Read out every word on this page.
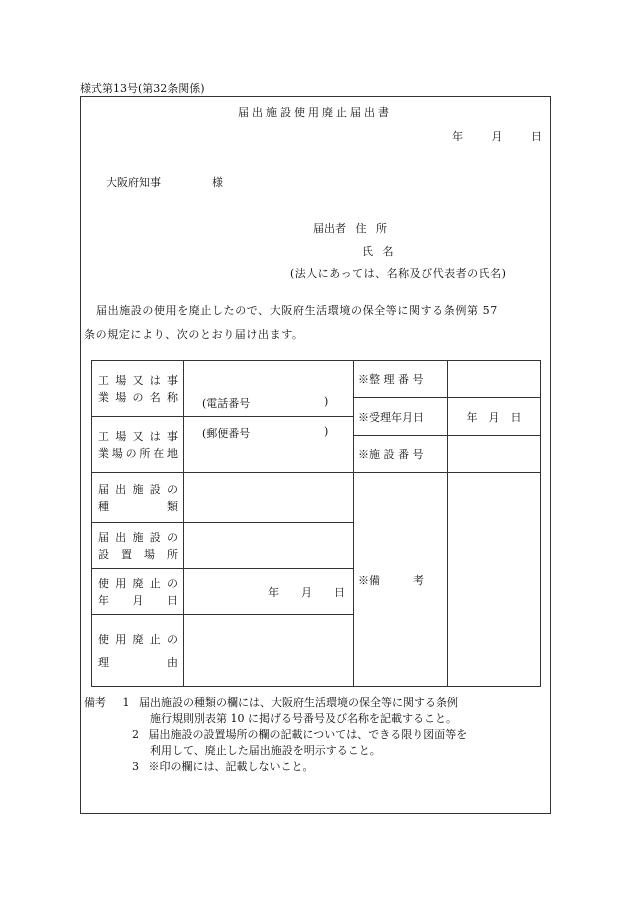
様式第13号(第32条関係)
届出施設使用廃止届出書
年	月	日
大阪府知事	様
届出者 住 所
氏 名
(法人にあっては、名称及び代表者の氏名)
届出施設の使用を廃止したので、大阪府生活環境の保全等に関する条例第 57
条の規定により、次のとおり届け出ます。
工 場 又 は 事
業 場 の 名 称	(電話番号 )	※整 理 番 号	
		※受理年月日	年　月　日

工 場 又 は 事
業場の所在地	(郵便番号 )		

		※施 設 番 号	

届 出 施 設 の
種　　　　類		※備　　　考	

届 出 施 設 の
設 置 場 所			

使 用 廃 止 の
年　　月　　日	年　　月　　日		

使 用 廃 止 の
理　　　　由			

備考 1 届出施設の種類の欄には、大阪府生活環境の保全等に関する条例
施行規則別表第 10 に掲げる号番号及び名称を記載すること。
2 届出施設の設置場所の欄の記載については、できる限り図面等を
利用して、廃止した届出施設を明示すること。
3 ※印の欄には、記載しないこと。
